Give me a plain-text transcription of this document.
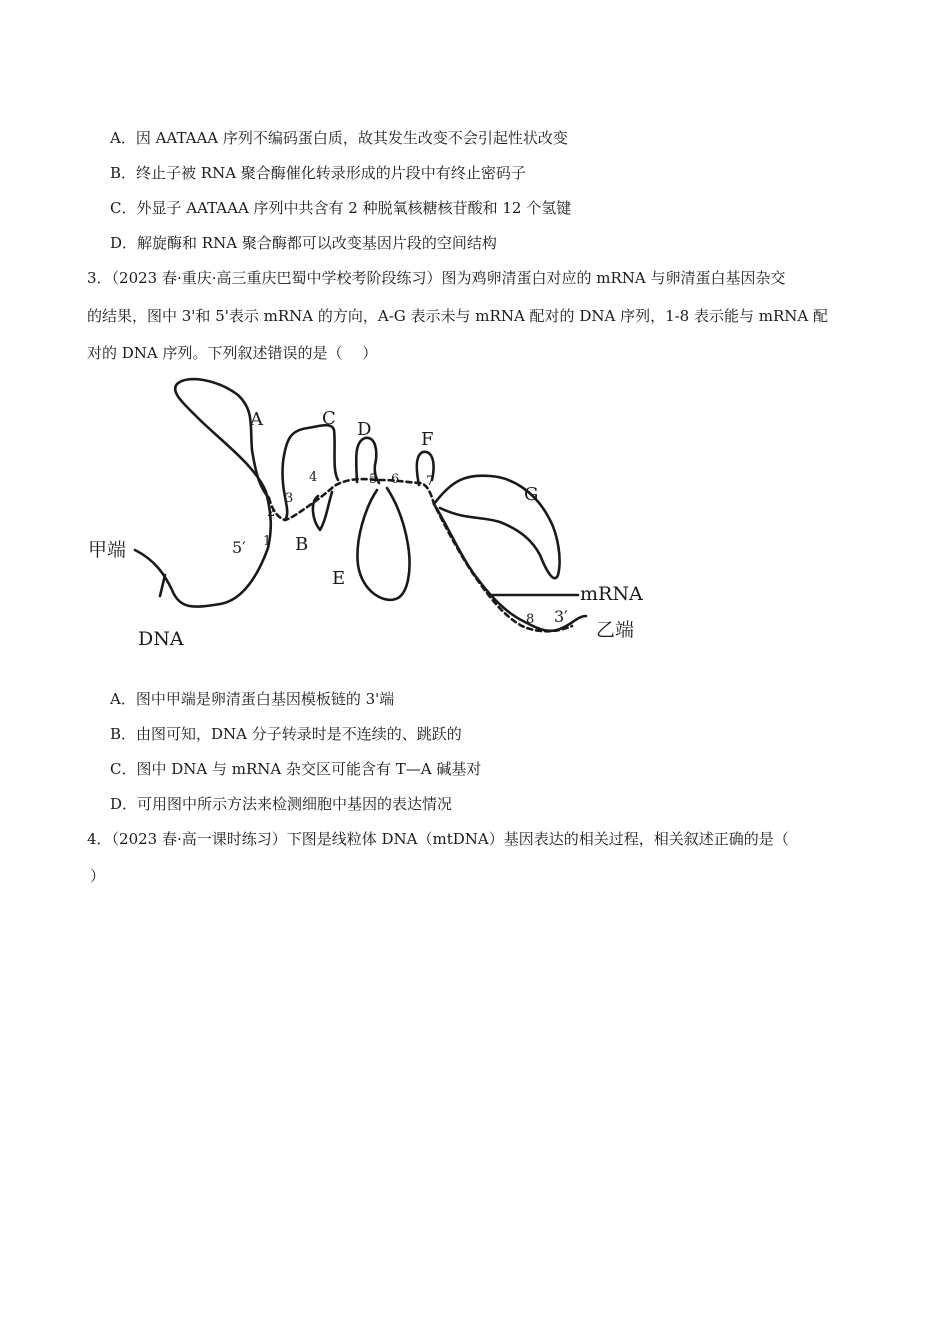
A．因 AATAAA 序列不编码蛋白质，故其发生改变不会引起性状改变
B．终止子被 RNA 聚合酶催化转录形成的片段中有终止密码子
C．外显子 AATAAA 序列中共含有 2 种脱氧核糖核苷酸和 12 个氢键
D．解旋酶和 RNA 聚合酶都可以改变基因片段的空间结构
3．（2023 春·重庆·高三重庆巴蜀中学校考阶段练习）图为鸡卵清蛋白对应的 mRNA 与卵清蛋白基因杂交
的结果，图中 3'和 5'表示 mRNA 的方向，A-G 表示未与 mRNA 配对的 DNA 序列，1-8 表示能与 mRNA 配
对的 DNA 序列。下列叙述错误的是（　 ）
A
B
C
D
E
F
G
1
2
3
4	5 6 7
8
甲端
乙端
DNA
mRNA
5′
3′
A．图中甲端是卵清蛋白基因模板链的 3'端
B．由图可知，DNA 分子转录时是不连续的、跳跃的
C．图中 DNA 与 mRNA 杂交区可能含有 T—A 碱基对
D．可用图中所示方法来检测细胞中基因的表达情况
4．（2023 春·高一课时练习）下图是线粒体 DNA（mtDNA）基因表达的相关过程，相关叙述正确的是（
）
